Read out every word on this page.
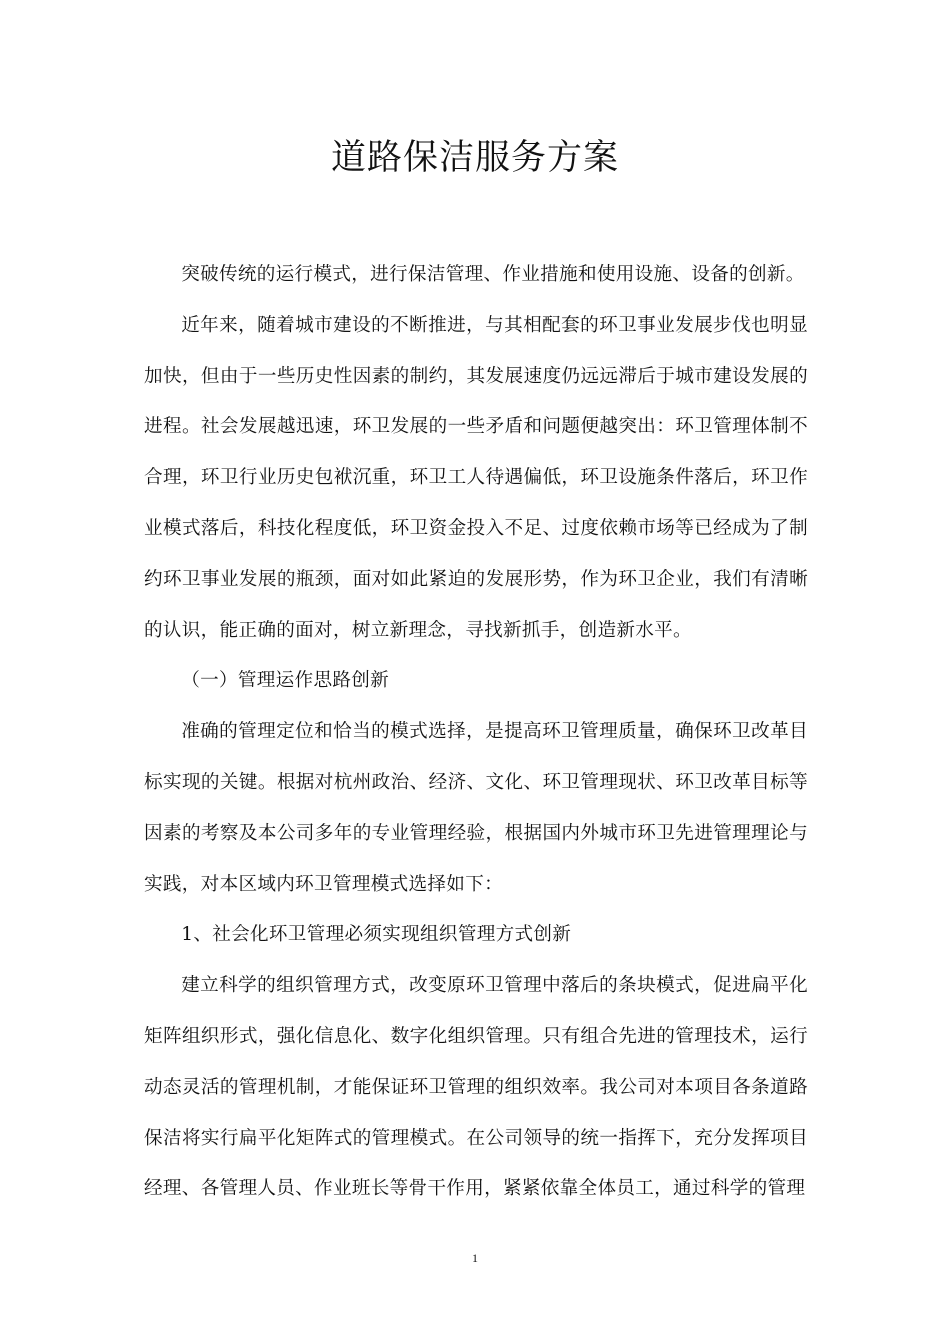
道路保洁服务方案

突破传统的运行模式，进行保洁管理、作业措施和使用设施、设备的创新。

近年来，随着城市建设的不断推进，与其相配套的环卫事业发展步伐也明显加快，但由于一些历史性因素的制约，其发展速度仍远远滞后于城市建设发展的进程。社会发展越迅速，环卫发展的一些矛盾和问题便越突出：环卫管理体制不合理，环卫行业历史包袱沉重，环卫工人待遇偏低，环卫设施条件落后，环卫作业模式落后，科技化程度低，环卫资金投入不足、过度依赖市场等已经成为了制约环卫事业发展的瓶颈，面对如此紧迫的发展形势，作为环卫企业，我们有清晰的认识，能正确的面对，树立新理念，寻找新抓手，创造新水平。

（一）管理运作思路创新

准确的管理定位和恰当的模式选择，是提高环卫管理质量，确保环卫改革目标实现的关键。根据对杭州政治、经济、文化、环卫管理现状、环卫改革目标等因素的考察及本公司多年的专业管理经验，根据国内外城市环卫先进管理理论与实践，对本区域内环卫管理模式选择如下：

1、社会化环卫管理必须实现组织管理方式创新

建立科学的组织管理方式，改变原环卫管理中落后的条块模式，促进扁平化矩阵组织形式，强化信息化、数字化组织管理。只有组合先进的管理技术，运行动态灵活的管理机制，才能保证环卫管理的组织效率。我公司对本项目各条道路保洁将实行扁平化矩阵式的管理模式。在公司领导的统一指挥下，充分发挥项目经理、各管理人员、作业班长等骨干作用，紧紧依靠全体员工，通过科学的管理

1
